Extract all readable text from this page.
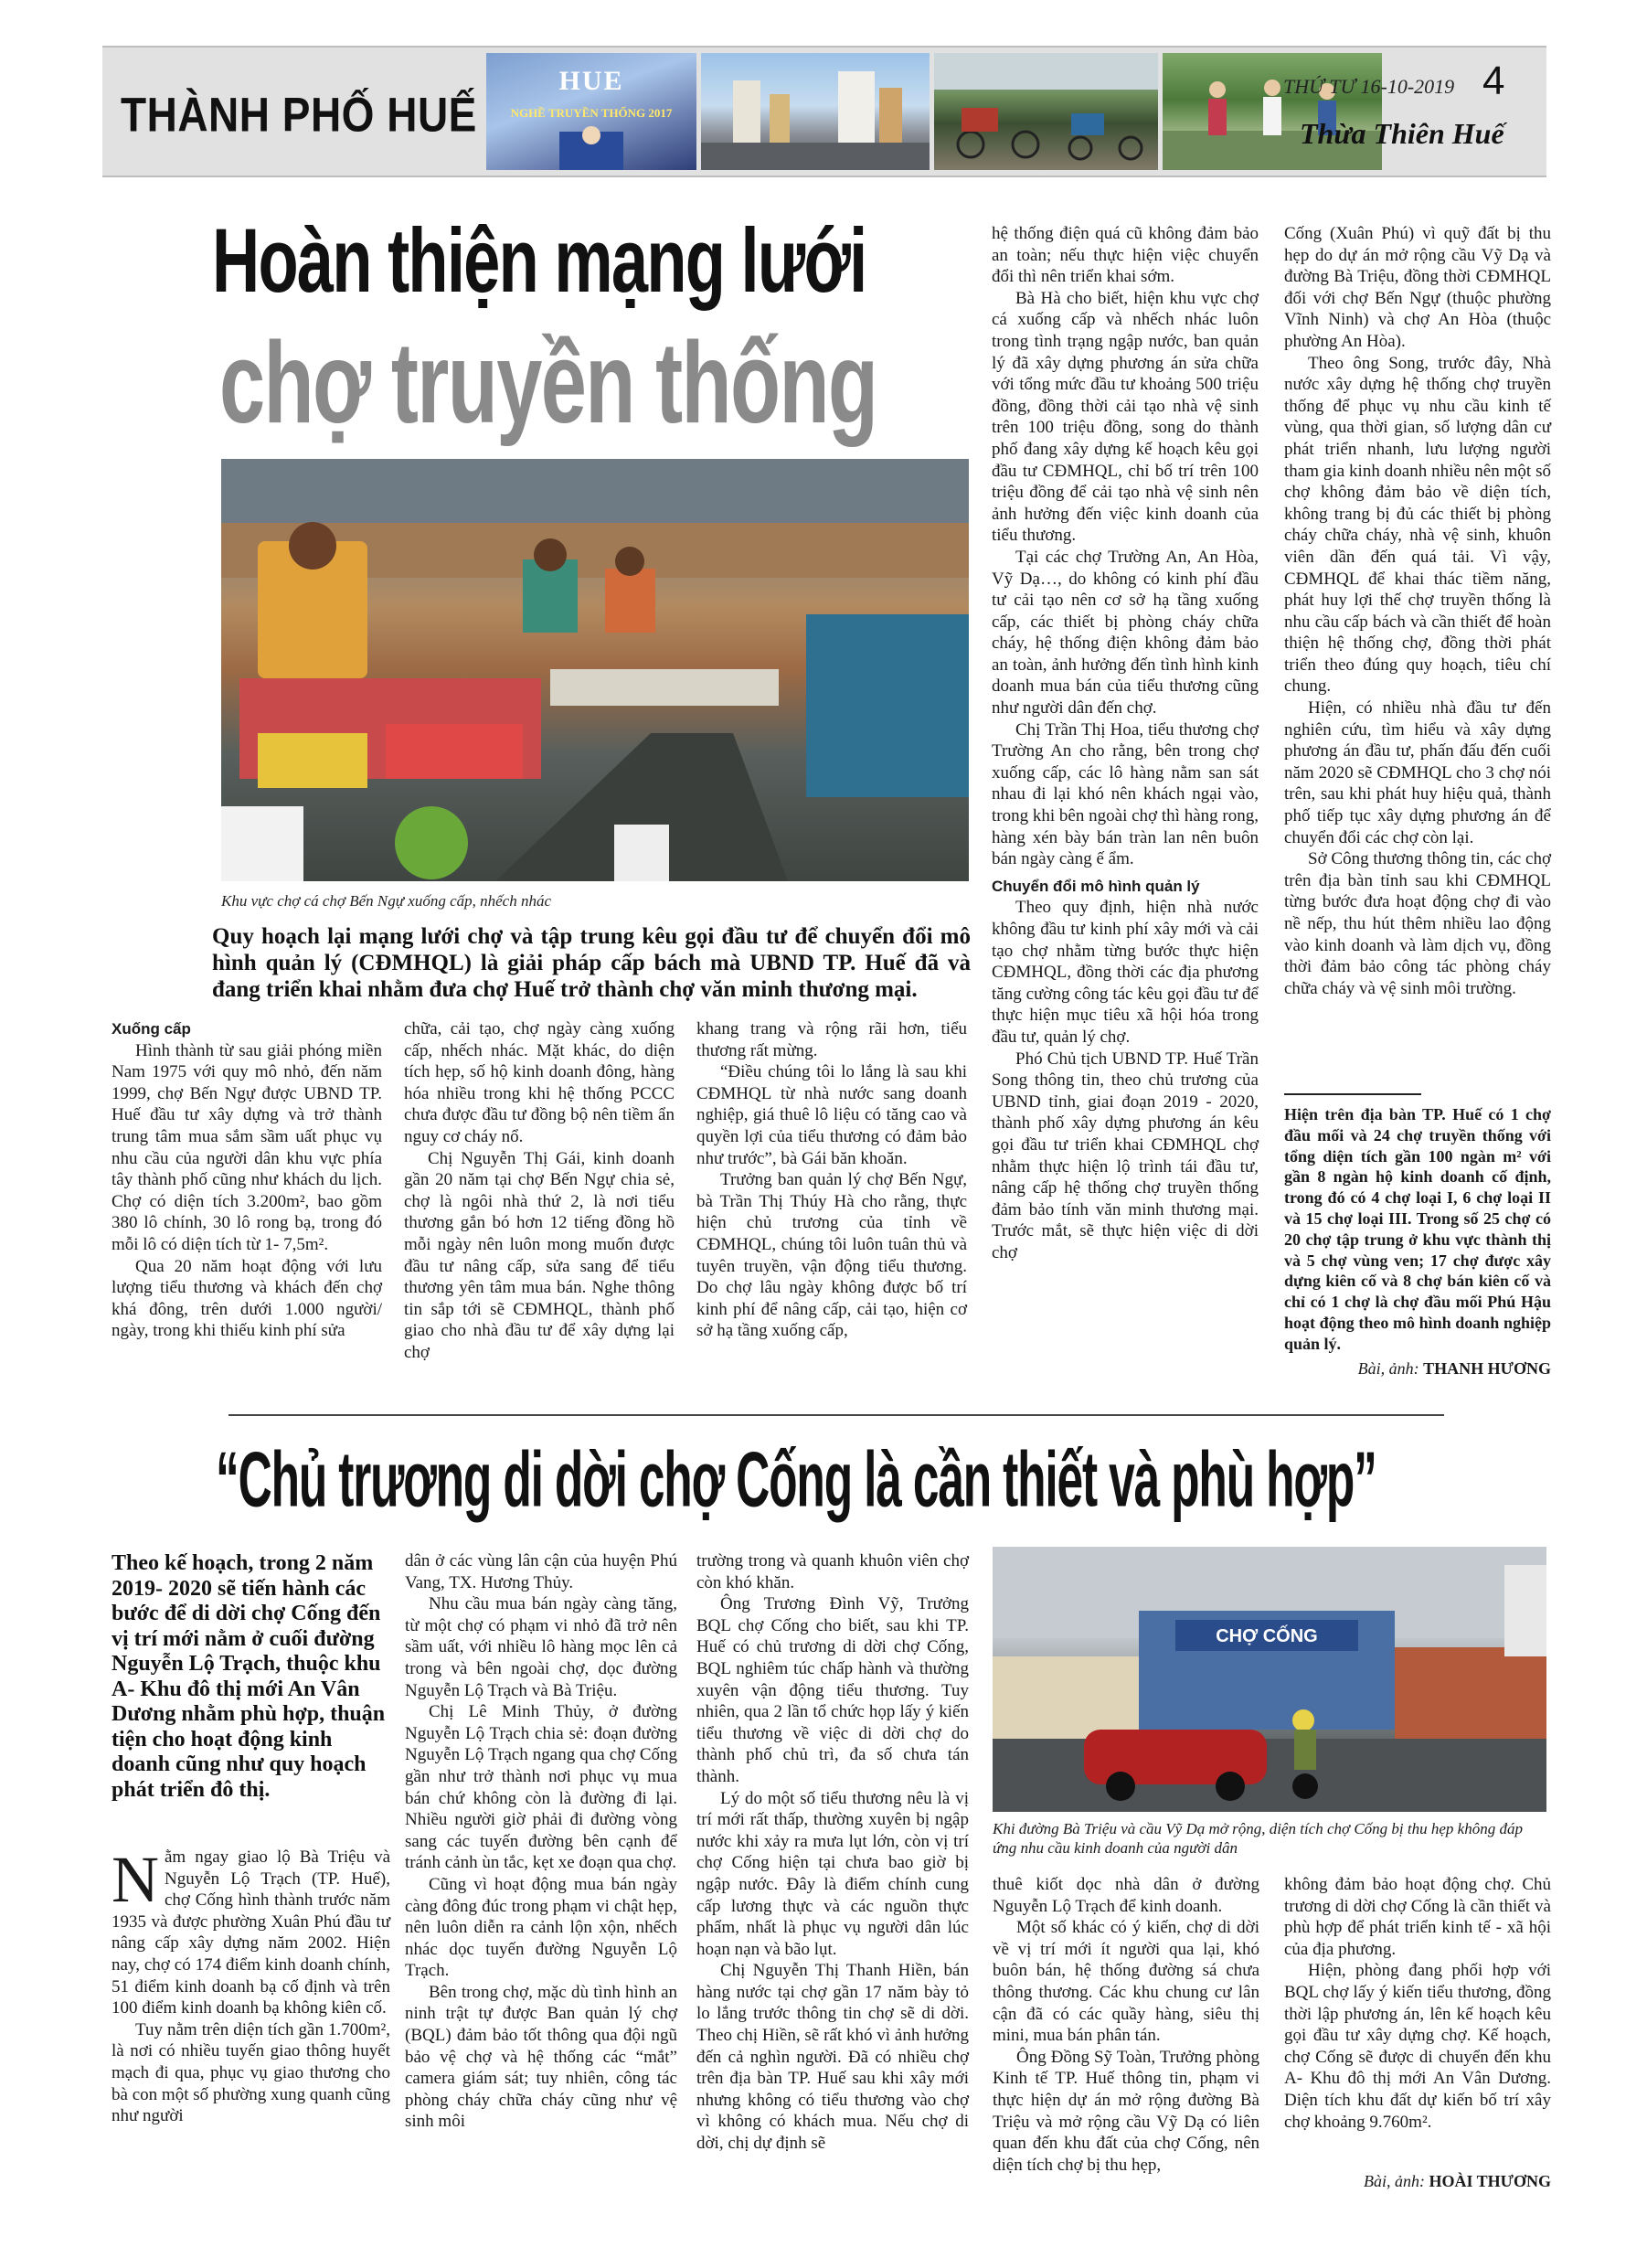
THÀNH PHỐ HUẾ
HUE
NGHỀ TRUYỀN THỐNG 2017
THỨ TƯ 16-10-2019 4
Thừa Thiên Huế
Hoàn thiện mạng lưới
chợ truyền thống
Khu vực chợ cá chợ Bến Ngự xuống cấp, nhếch nhác
Quy hoạch lại mạng lưới chợ và tập trung kêu gọi đầu tư để chuyển đổi mô hình quản lý (CĐMHQL) là giải pháp cấp bách mà UBND TP. Huế đã và đang triển khai nhằm đưa chợ Huế trở thành chợ văn minh thương mại.

Xuống cấp

Hình thành từ sau giải phóng miền Nam 1975 với quy mô nhỏ, đến năm 1999, chợ Bến Ngự được UBND TP. Huế đầu tư xây dựng và trở thành trung tâm mua sắm sầm uất phục vụ nhu cầu của người dân khu vực phía tây thành phố cũng như khách du lịch. Chợ có diện tích 3.200m², bao gồm 380 lô chính, 30 lô rong bạ, trong đó mỗi lô có diện tích từ 1- 7,5m².

Qua 20 năm hoạt động với lưu lượng tiểu thương và khách đến chợ khá đông, trên dưới 1.000 người/ ngày, trong khi thiếu kinh phí sửa

chữa, cải tạo, chợ ngày càng xuống cấp, nhếch nhác. Mặt khác, do diện tích hẹp, số hộ kinh doanh đông, hàng hóa nhiều trong khi hệ thống PCCC chưa được đầu tư đồng bộ nên tiềm ẩn nguy cơ cháy nổ.

Chị Nguyễn Thị Gái, kinh doanh gần 20 năm tại chợ Bến Ngự chia sẻ, chợ là ngôi nhà thứ 2, là nơi tiểu thương gắn bó hơn 12 tiếng đồng hồ mỗi ngày nên luôn mong muốn được đầu tư nâng cấp, sửa sang để tiểu thương yên tâm mua bán. Nghe thông tin sắp tới sẽ CĐMHQL, thành phố giao cho nhà đầu tư để xây dựng lại chợ

khang trang và rộng rãi hơn, tiểu thương rất mừng.

“Điều chúng tôi lo lắng là sau khi CĐMHQL từ nhà nước sang doanh nghiệp, giá thuê lô liệu có tăng cao và quyền lợi của tiểu thương có đảm bảo như trước”, bà Gái băn khoăn.

Trưởng ban quản lý chợ Bến Ngự, bà Trần Thị Thúy Hà cho rằng, thực hiện chủ trương của tỉnh về CĐMHQL, chúng tôi luôn tuân thủ và tuyên truyền, vận động tiểu thương. Do chợ lâu ngày không được bố trí kinh phí để nâng cấp, cải tạo, hiện cơ sở hạ tầng xuống cấp,

hệ thống điện quá cũ không đảm bảo an toàn; nếu thực hiện việc chuyển đổi thì nên triển khai sớm.

Bà Hà cho biết, hiện khu vực chợ cá xuống cấp và nhếch nhác luôn trong tình trạng ngập nước, ban quản lý đã xây dựng phương án sửa chữa với tổng mức đầu tư khoảng 500 triệu đồng, đồng thời cải tạo nhà vệ sinh trên 100 triệu đồng, song do thành phố đang xây dựng kế hoạch kêu gọi đầu tư CĐMHQL, chỉ bố trí trên 100 triệu đồng để cải tạo nhà vệ sinh nên ảnh hưởng đến việc kinh doanh của tiểu thương.

Tại các chợ Trường An, An Hòa, Vỹ Dạ…, do không có kinh phí đầu tư cải tạo nên cơ sở hạ tầng xuống cấp, các thiết bị phòng cháy chữa cháy, hệ thống điện không đảm bảo an toàn, ảnh hưởng đến tình hình kinh doanh mua bán của tiểu thương cũng như người dân đến chợ.

Chị Trần Thị Hoa, tiểu thương chợ Trường An cho rằng, bên trong chợ xuống cấp, các lô hàng nằm san sát nhau đi lại khó nên khách ngại vào, trong khi bên ngoài chợ thì hàng rong, hàng xén bày bán tràn lan nên buôn bán ngày càng ế ẩm.

Chuyển đổi mô hình quản lý

Theo quy định, hiện nhà nước không đầu tư kinh phí xây mới và cải tạo chợ nhằm từng bước thực hiện CĐMHQL, đồng thời các địa phương tăng cường công tác kêu gọi đầu tư để thực hiện mục tiêu xã hội hóa trong đầu tư, quản lý chợ.

Phó Chủ tịch UBND TP. Huế Trần Song thông tin, theo chủ trương của UBND tỉnh, giai đoạn 2019 - 2020, thành phố xây dựng phương án kêu gọi đầu tư triển khai CĐMHQL chợ nhằm thực hiện lộ trình tái đầu tư, nâng cấp hệ thống chợ truyền thống đảm bảo tính văn minh thương mại. Trước mắt, sẽ thực hiện việc di dời chợ

Cống (Xuân Phú) vì quỹ đất bị thu hẹp do dự án mở rộng cầu Vỹ Dạ và đường Bà Triệu, đồng thời CĐMHQL đối với chợ Bến Ngự (thuộc phường Vĩnh Ninh) và chợ An Hòa (thuộc phường An Hòa).

Theo ông Song, trước đây, Nhà nước xây dựng hệ thống chợ truyền thống để phục vụ nhu cầu kinh tế vùng, qua thời gian, số lượng dân cư phát triển nhanh, lưu lượng người tham gia kinh doanh nhiều nên một số chợ không đảm bảo về diện tích, không trang bị đủ các thiết bị phòng cháy chữa cháy, nhà vệ sinh, khuôn viên dần đến quá tải. Vì vậy, CĐMHQL để khai thác tiềm năng, phát huy lợi thế chợ truyền thống là nhu cầu cấp bách và cần thiết để hoàn thiện hệ thống chợ, đồng thời phát triển theo đúng quy hoạch, tiêu chí chung.

Hiện, có nhiều nhà đầu tư đến nghiên cứu, tìm hiểu và xây dựng phương án đầu tư, phấn đấu đến cuối năm 2020 sẽ CĐMHQL cho 3 chợ nói trên, sau khi phát huy hiệu quả, thành phố tiếp tục xây dựng phương án để chuyển đổi các chợ còn lại.

Sở Công thương thông tin, các chợ trên địa bàn tỉnh sau khi CĐMHQL từng bước đưa hoạt động chợ đi vào nề nếp, thu hút thêm nhiều lao động vào kinh doanh và làm dịch vụ, đồng thời đảm bảo công tác phòng cháy chữa cháy và vệ sinh môi trường.

Hiện trên địa bàn TP. Huế có 1 chợ đầu mối và 24 chợ truyền thống với tổng diện tích gần 100 ngàn m² với gần 8 ngàn hộ kinh doanh cố định, trong đó có 4 chợ loại I, 6 chợ loại II và 15 chợ loại III. Trong số 25 chợ có 20 chợ tập trung ở khu vực thành thị và 5 chợ vùng ven; 17 chợ được xây dựng kiên cố và 8 chợ bán kiên cố và chỉ có 1 chợ là chợ đầu mối Phú Hậu hoạt động theo mô hình doanh nghiệp quản lý.
Bài, ảnh: THANH HƯƠNG
“Chủ trương di dời chợ Cống là cần thiết và phù hợp”
Theo kế hoạch, trong 2 năm 2019- 2020 sẽ tiến hành các bước để di dời chợ Cống đến vị trí mới nằm ở cuối đường Nguyễn Lộ Trạch, thuộc khu A- Khu đô thị mới An Vân Dương nhằm phù hợp, thuận tiện cho hoạt động kinh doanh cũng như quy hoạch phát triển đô thị.

Nằm ngay giao lộ Bà Triệu và Nguyễn Lộ Trạch (TP. Huế), chợ Cống hình thành trước năm 1935 và được phường Xuân Phú đầu tư nâng cấp xây dựng năm 2002. Hiện nay, chợ có 174 điểm kinh doanh chính, 51 điểm kinh doanh bạ cố định và trên 100 điểm kinh doanh bạ không kiên cố.

Tuy nằm trên diện tích gần 1.700m², là nơi có nhiều tuyến giao thông huyết mạch đi qua, phục vụ giao thương cho bà con một số phường xung quanh cũng như người

dân ở các vùng lân cận của huyện Phú Vang, TX. Hương Thủy.

Nhu cầu mua bán ngày càng tăng, từ một chợ có phạm vi nhỏ đã trở nên sầm uất, với nhiều lô hàng mọc lên cả trong và bên ngoài chợ, dọc đường Nguyễn Lộ Trạch và Bà Triệu.

Chị Lê Minh Thủy, ở đường Nguyễn Lộ Trạch chia sẻ: đoạn đường Nguyễn Lộ Trạch ngang qua chợ Cống gần như trở thành nơi phục vụ mua bán chứ không còn là đường đi lại. Nhiều người giờ phải đi đường vòng sang các tuyến đường bên cạnh để tránh cảnh ùn tắc, kẹt xe đoạn qua chợ.

Cũng vì hoạt động mua bán ngày càng đông đúc trong phạm vi chật hẹp, nên luôn diễn ra cảnh lộn xộn, nhếch nhác dọc tuyến đường Nguyễn Lộ Trạch.

Bên trong chợ, mặc dù tình hình an ninh trật tự được Ban quản lý chợ (BQL) đảm bảo tốt thông qua đội ngũ bảo vệ chợ và hệ thống các “mắt” camera giám sát; tuy nhiên, công tác phòng cháy chữa cháy cũng như vệ sinh môi

trường trong và quanh khuôn viên chợ còn khó khăn.

Ông Trương Đình Vỹ, Trưởng BQL chợ Cống cho biết, sau khi TP. Huế có chủ trương di dời chợ Cống, BQL nghiêm túc chấp hành và thường xuyên vận động tiểu thương. Tuy nhiên, qua 2 lần tổ chức họp lấy ý kiến tiểu thương về việc di dời chợ do thành phố chủ trì, đa số chưa tán thành.

Lý do một số tiểu thương nêu là vị trí mới rất thấp, thường xuyên bị ngập nước khi xảy ra mưa lụt lớn, còn vị trí chợ Cống hiện tại chưa bao giờ bị ngập nước. Đây là điểm chính cung cấp lương thực và các nguồn thực phẩm, nhất là phục vụ người dân lúc hoạn nạn và bão lụt.

Chị Nguyễn Thị Thanh Hiền, bán hàng nước tại chợ gần 17 năm bày tỏ lo lắng trước thông tin chợ sẽ di dời. Theo chị Hiền, sẽ rất khó vì ảnh hưởng đến cả nghìn người. Đã có nhiều chợ trên địa bàn TP. Huế sau khi xây mới nhưng không có tiểu thương vào chợ vì không có khách mua. Nếu chợ di dời, chị dự định sẽ

CHỢ CỐNG
Khi đường Bà Triệu và cầu Vỹ Dạ mở rộng, diện tích chợ Cống bị thu hẹp không đáp ứng nhu cầu kinh doanh của người dân

thuê kiốt dọc nhà dân ở đường Nguyễn Lộ Trạch để kinh doanh.

Một số khác có ý kiến, chợ di dời về vị trí mới ít người qua lại, khó buôn bán, hệ thống đường sá chưa thông thương. Các khu chung cư lân cận đã có các quầy hàng, siêu thị mini, mua bán phân tán.

Ông Đồng Sỹ Toàn, Trưởng phòng Kinh tế TP. Huế thông tin, phạm vi thực hiện dự án mở rộng đường Bà Triệu và mở rộng cầu Vỹ Dạ có liên quan đến khu đất của chợ Cống, nên diện tích chợ bị thu hẹp,

không đảm bảo hoạt động chợ. Chủ trương di dời chợ Cống là cần thiết và phù hợp để phát triển kinh tế - xã hội của địa phương.

Hiện, phòng đang phối hợp với BQL chợ lấy ý kiến tiểu thương, đồng thời lập phương án, lên kế hoạch kêu gọi đầu tư xây dựng chợ. Kế hoạch, chợ Cống sẽ được di chuyển đến khu A- Khu đô thị mới An Vân Dương. Diện tích khu đất dự kiến bố trí xây chợ khoảng 9.760m².

Bài, ảnh: HOÀI THƯƠNG
